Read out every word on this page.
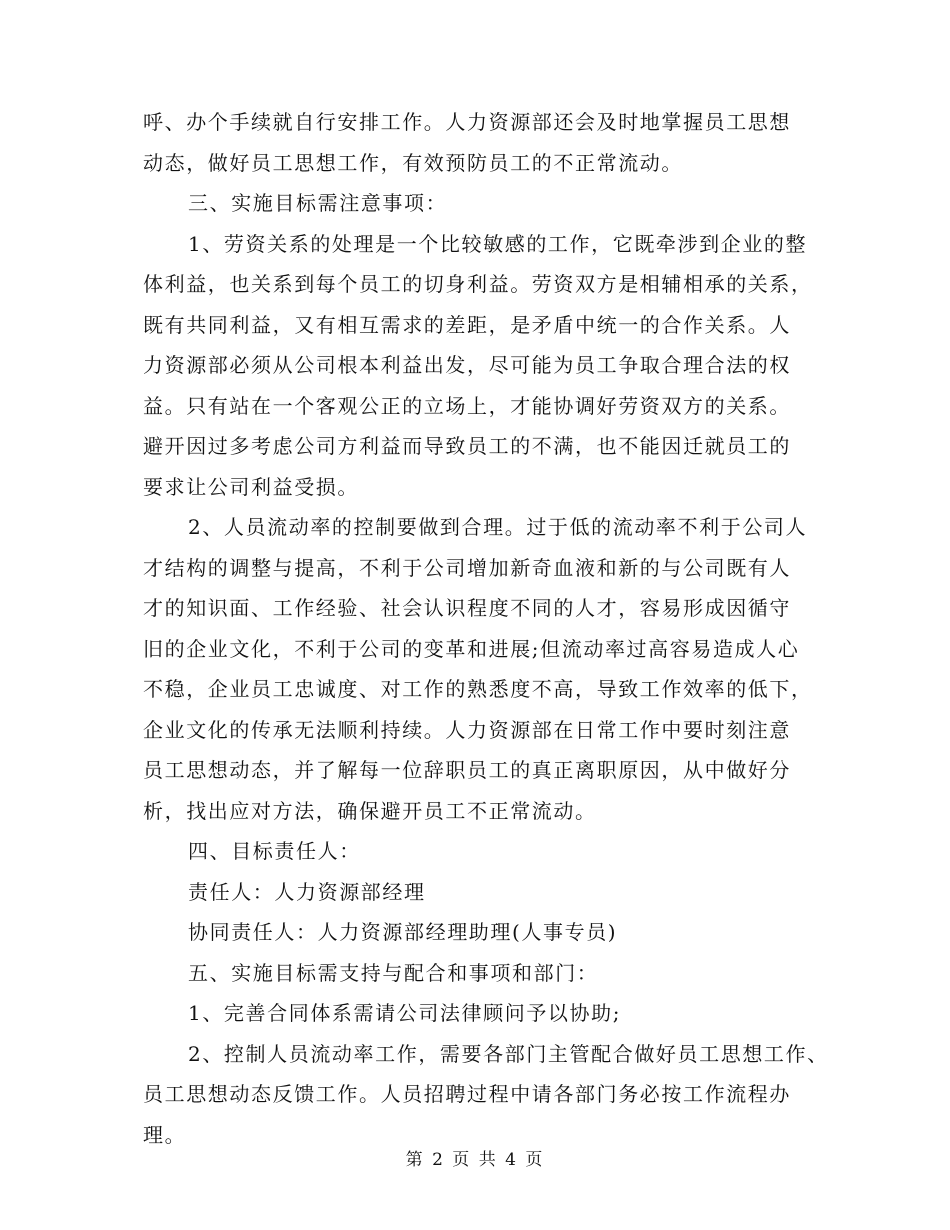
呼、办个手续就自行安排工作。人力资源部还会及时地掌握员工思想
动态，做好员工思想工作，有效预防员工的不正常流动。
三、实施目标需注意事项：
1、劳资关系的处理是一个比较敏感的工作，它既牵涉到企业的整
体利益，也关系到每个员工的切身利益。劳资双方是相辅相承的关系，
既有共同利益，又有相互需求的差距，是矛盾中统一的合作关系。人
力资源部必须从公司根本利益出发，尽可能为员工争取合理合法的权
益。只有站在一个客观公正的立场上，才能协调好劳资双方的关系。
避开因过多考虑公司方利益而导致员工的不满，也不能因迁就员工的
要求让公司利益受损。
2、人员流动率的控制要做到合理。过于低的流动率不利于公司人
才结构的调整与提高，不利于公司增加新奇血液和新的与公司既有人
才的知识面、工作经验、社会认识程度不同的人才，容易形成因循守
旧的企业文化，不利于公司的变革和进展;但流动率过高容易造成人心
不稳，企业员工忠诚度、对工作的熟悉度不高，导致工作效率的低下，
企业文化的传承无法顺利持续。人力资源部在日常工作中要时刻注意
员工思想动态，并了解每一位辞职员工的真正离职原因，从中做好分
析，找出应对方法，确保避开员工不正常流动。
四、目标责任人：
责任人：人力资源部经理
协同责任人：人力资源部经理助理(人事专员)
五、实施目标需支持与配合和事项和部门：
1、完善合同体系需请公司法律顾问予以协助;
2、控制人员流动率工作，需要各部门主管配合做好员工思想工作、
员工思想动态反馈工作。人员招聘过程中请各部门务必按工作流程办
理。
第 2 页 共 4 页
